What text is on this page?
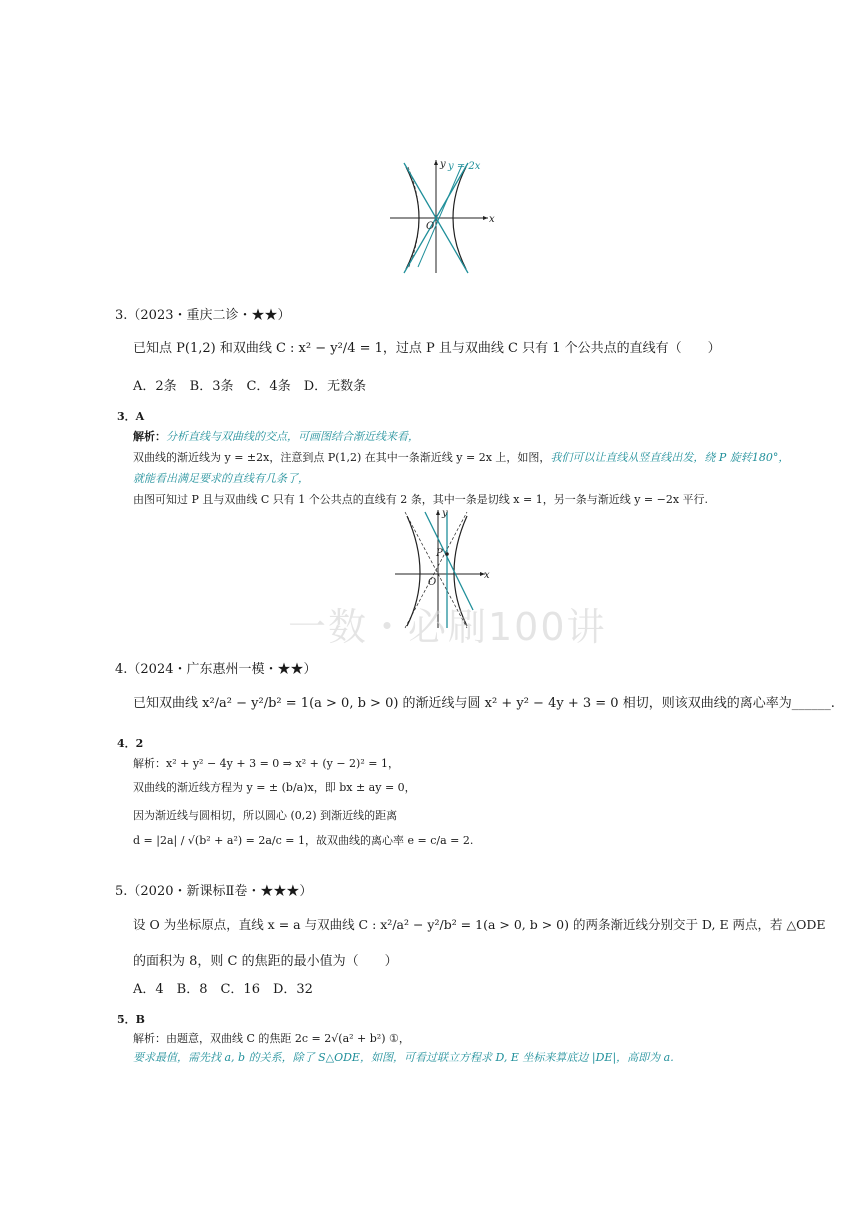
y
x
O
y = 2x
3.（2023・重庆二诊・★★）
已知点 P(1,2) 和双曲线 C : x² − y²/4 = 1，过点 P 且与双曲线 C 只有 1 个公共点的直线有（　　）
A．2条　B．3条　C．4条　D．无数条
3．A
解析：分析直线与双曲线的交点，可画图结合渐近线来看，
双曲线的渐近线为 y = ±2x，注意到点 P(1,2) 在其中一条渐近线 y = 2x 上，如图，我们可以让直线从竖直线出发，绕 P 旋转180°，
就能看出满足要求的直线有几条了，
由图可知过 P 且与双曲线 C 只有 1 个公共点的直线有 2 条，其中一条是切线 x = 1，另一条与渐近线 y = −2x 平行.
y
x
O
P
一数・必刷100讲
4.（2024・广东惠州一模・★★）
已知双曲线 x²/a² − y²/b² = 1(a > 0, b > 0) 的渐近线与圆 x² + y² − 4y + 3 = 0 相切，则该双曲线的离心率为______.
4．2
解析：x² + y² − 4y + 3 = 0 ⇒ x² + (y − 2)² = 1，
双曲线的渐近线方程为 y = ± (b/a)x，即 bx ± ay = 0，
因为渐近线与圆相切，所以圆心 (0,2) 到渐近线的距离
d = |2a| / √(b² + a²) = 2a/c = 1，故双曲线的离心率 e = c/a = 2.
5.（2020・新课标Ⅱ卷・★★★）
设 O 为坐标原点，直线 x = a 与双曲线 C : x²/a² − y²/b² = 1(a > 0, b > 0) 的两条渐近线分别交于 D, E 两点，若 △ODE
的面积为 8，则 C 的焦距的最小值为（　　）
A．4　B．8　C．16　D．32
5．B
解析：由题意，双曲线 C 的焦距 2c = 2√(a² + b²) ①，
要求最值，需先找 a, b 的关系，除了 S△ODE，如图，可看过联立方程求 D, E 坐标来算底边 |DE|，高即为 a.
